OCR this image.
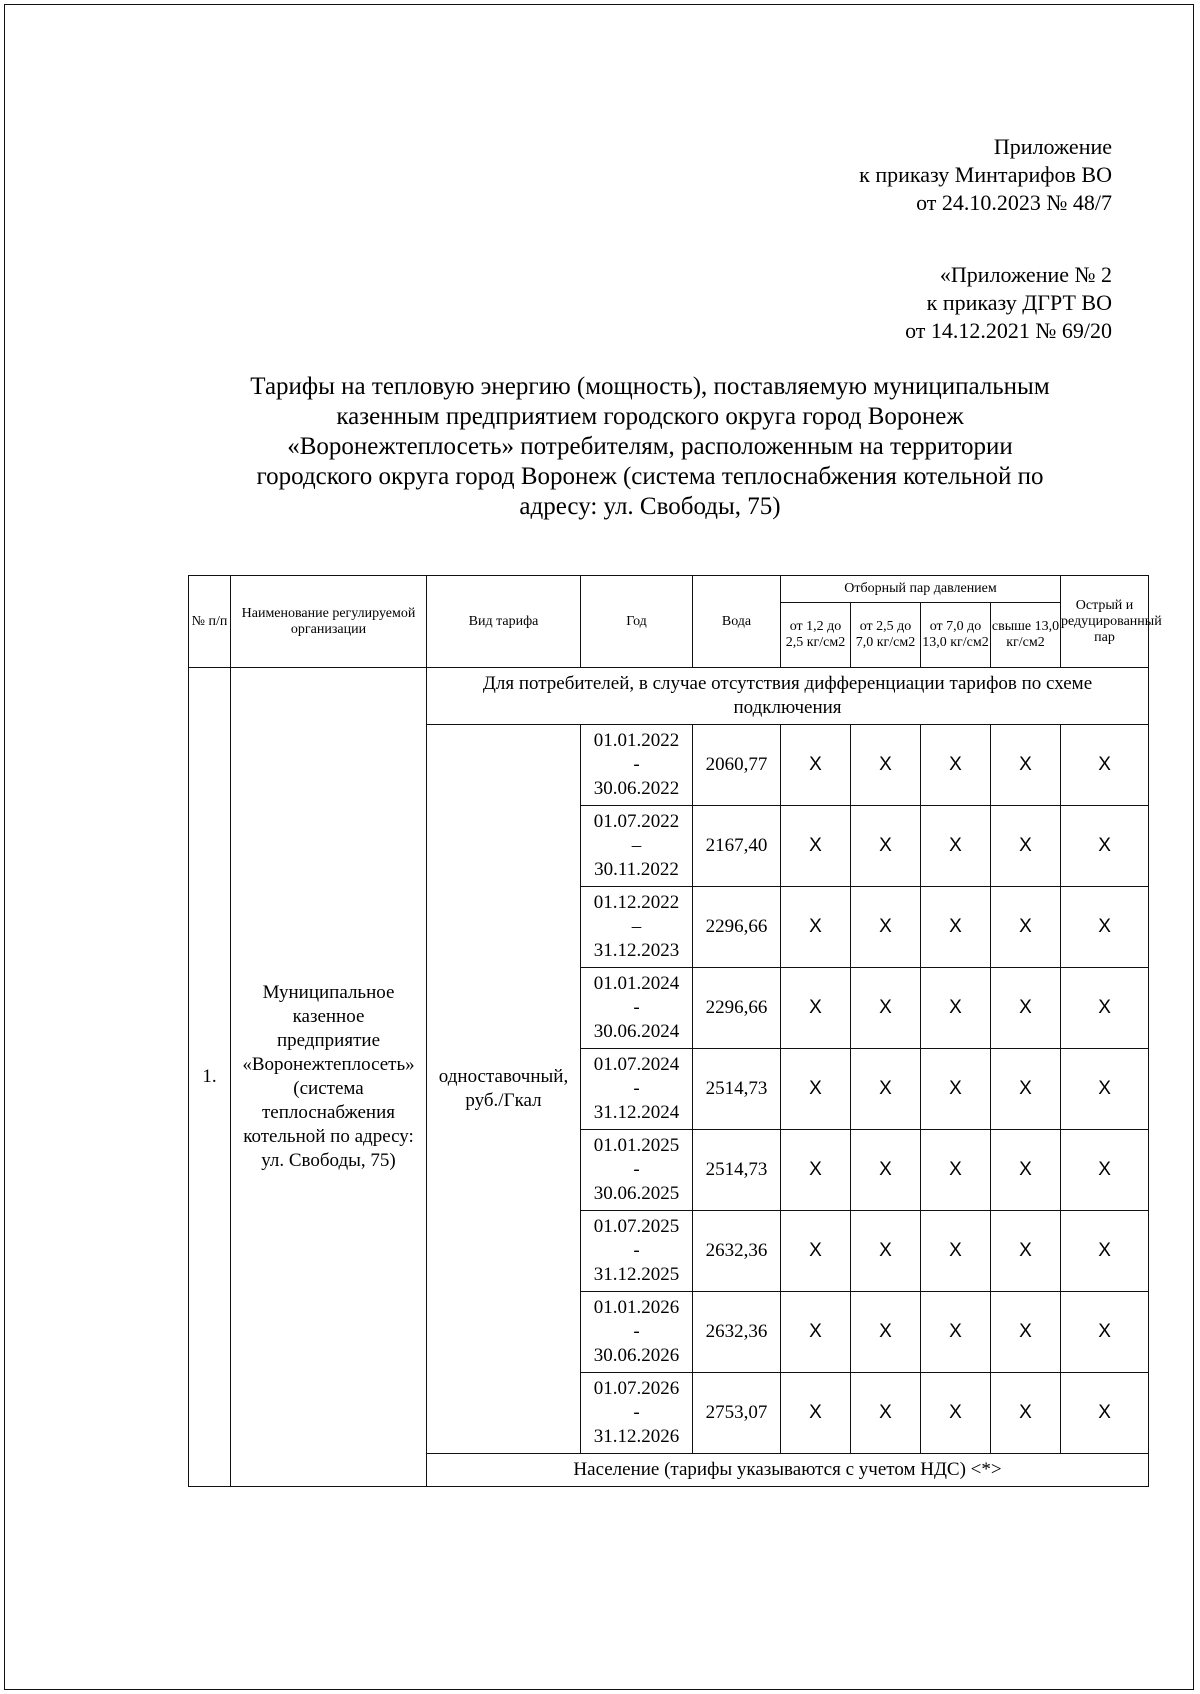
Приложение
к приказу Минтарифов ВО
от 24.10.2023 № 48/7
«Приложение № 2
к приказу ДГРТ ВО
от 14.12.2021 № 69/20
Тарифы на тепловую энергию (мощность), поставляемую муниципальным
казенным предприятием городского округа город Воронеж
«Воронежтеплосеть» потребителям, расположенным на территории
городского округа город Воронеж (система теплоснабжения котельной по
адресу: ул. Свободы, 75)
№ п/п	Наименование регулируемой организации	Вид тарифа	Год	Вода	Отборный пар давлением				Острый и редуцированный пар
					от 1,2 до 2,5 кг/см2	от 2,5 до 7,0 кг/см2	от 7,0 до 13,0 кг/см2	свыше 13,0 кг/см2	
1.	Муниципальное казенное предприятие «Воронежтеплосеть» (система теплоснабжения котельной по адресу: ул. Свободы, 75)	Для потребителей, в случае отсутствия дифференциации тарифов по схеме подключения							
		одноставочный, руб./Гкал	01.01.2022
-
30.06.2022	2060,77	X	X	X	X	X

			01.07.2022
–
30.11.2022	2167,40	X	X	X	X	X

			01.12.2022
–
31.12.2023	2296,66	X	X	X	X	X

			01.01.2024
-
30.06.2024	2296,66	X	X	X	X	X

			01.07.2024
-
31.12.2024	2514,73	X	X	X	X	X

			01.01.2025
-
30.06.2025	2514,73	X	X	X	X	X

			01.07.2025
-
31.12.2025	2632,36	X	X	X	X	X

			01.01.2026
-
30.06.2026	2632,36	X	X	X	X	X

			01.07.2026
-
31.12.2026	2753,07	X	X	X	X	X
		Население (тарифы указываются с учетом НДС) <*>							
